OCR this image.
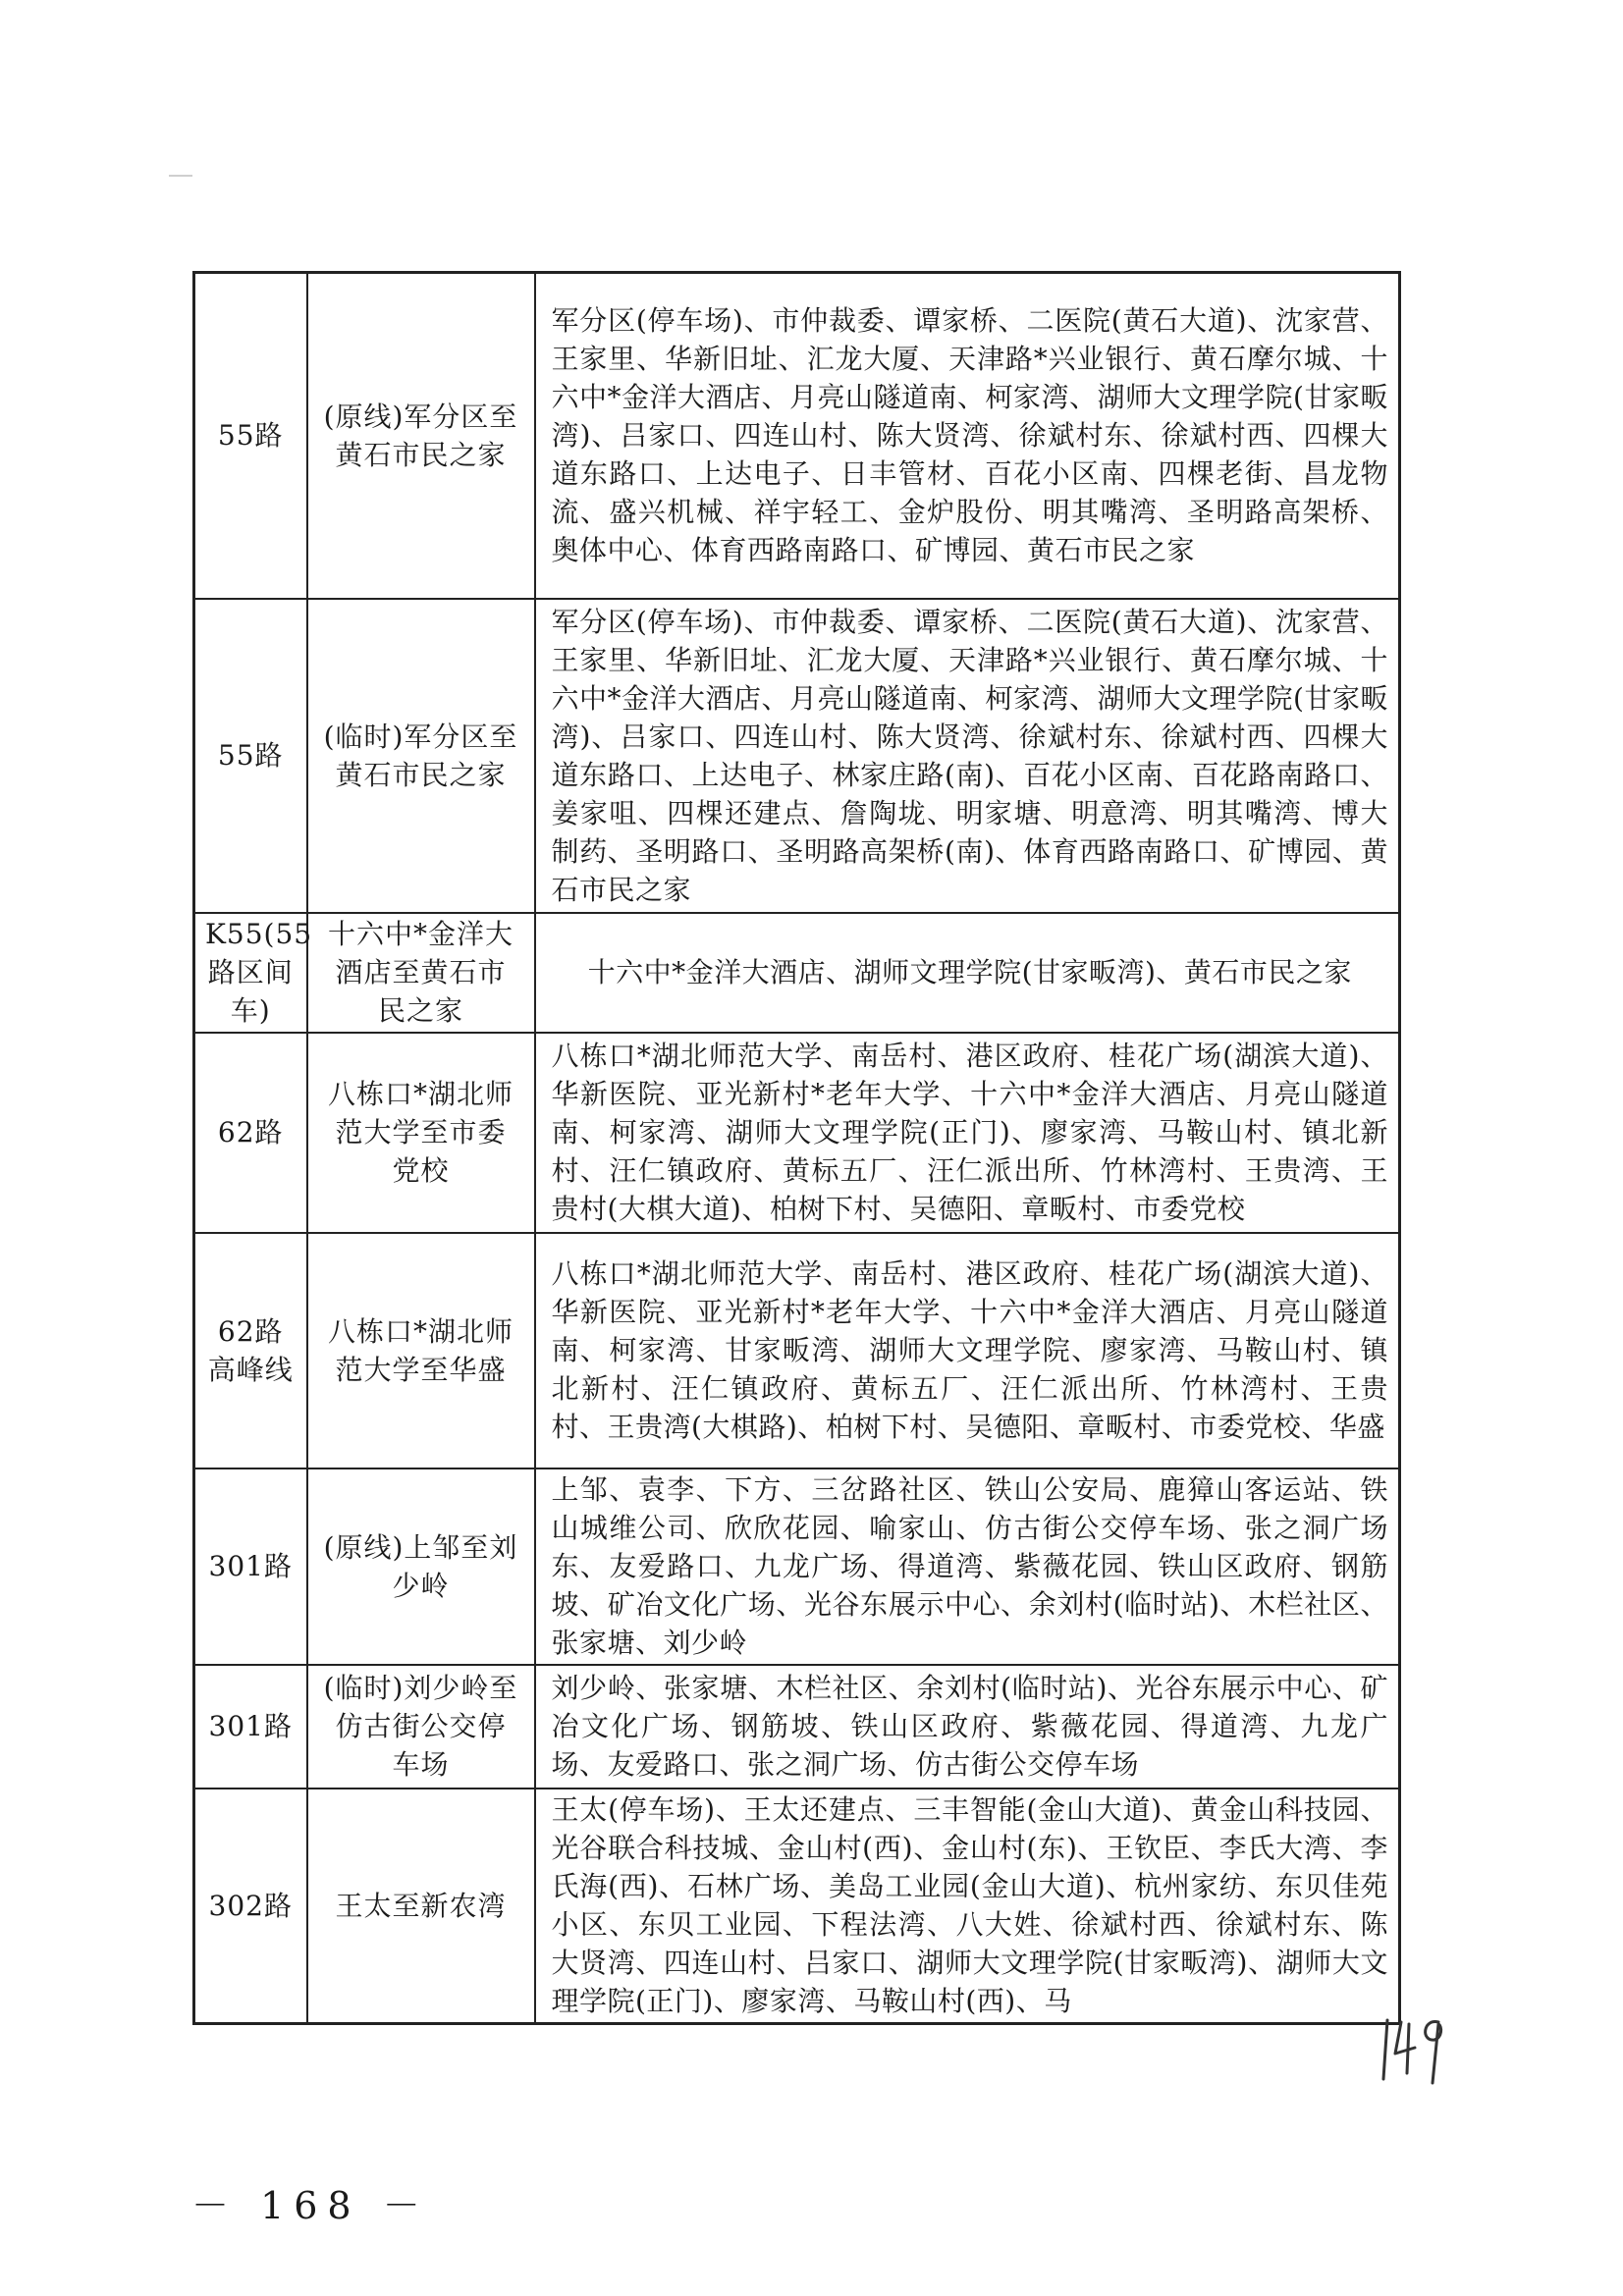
55路	(原线)军分区至黄石市民之家	军分区(停车场)、市仲裁委、谭家桥、二医院(黄石大道)、沈家营、王家里、华新旧址、汇龙大厦、天津路*兴业银行、黄石摩尔城、十六中*金洋大酒店、月亮山隧道南、柯家湾、湖师大文理学院(甘家畈湾)、吕家口、四连山村、陈大贤湾、徐斌村东、徐斌村西、四棵大道东路口、上达电子、日丰管材、百花小区南、四棵老街、昌龙物流、盛兴机械、祥宇轻工、金炉股份、明其嘴湾、圣明路高架桥、奥体中心、体育西路南路口、矿博园、黄石市民之家
55路	(临时)军分区至黄石市民之家	军分区(停车场)、市仲裁委、谭家桥、二医院(黄石大道)、沈家营、王家里、华新旧址、汇龙大厦、天津路*兴业银行、黄石摩尔城、十六中*金洋大酒店、月亮山隧道南、柯家湾、湖师大文理学院(甘家畈湾)、吕家口、四连山村、陈大贤湾、徐斌村东、徐斌村西、四棵大道东路口、上达电子、林家庄路(南)、百花小区南、百花路南路口、姜家咀、四棵还建点、詹陶垅、明家塘、明意湾、明其嘴湾、博大制药、圣明路口、圣明路高架桥(南)、体育西路南路口、矿博园、黄石市民之家
K55(55路区间车)	十六中*金洋大酒店至黄石市民之家	十六中*金洋大酒店、湖师文理学院(甘家畈湾)、黄石市民之家
62路	八栋口*湖北师范大学至市委党校	八栋口*湖北师范大学、南岳村、港区政府、桂花广场(湖滨大道)、华新医院、亚光新村*老年大学、十六中*金洋大酒店、月亮山隧道南、柯家湾、湖师大文理学院(正门)、廖家湾、马鞍山村、镇北新村、汪仁镇政府、黄标五厂、汪仁派出所、竹林湾村、王贵湾、王贵村(大棋大道)、柏树下村、吴德阳、章畈村、市委党校
62路高峰线	八栋口*湖北师范大学至华盛	八栋口*湖北师范大学、南岳村、港区政府、桂花广场(湖滨大道)、华新医院、亚光新村*老年大学、十六中*金洋大酒店、月亮山隧道南、柯家湾、甘家畈湾、湖师大文理学院、廖家湾、马鞍山村、镇北新村、汪仁镇政府、黄标五厂、汪仁派出所、竹林湾村、王贵村、王贵湾(大棋路)、柏树下村、吴德阳、章畈村、市委党校、华盛
301路	(原线)上邹至刘少岭	上邹、袁李、下方、三岔路社区、铁山公安局、鹿獐山客运站、铁山城维公司、欣欣花园、喻家山、仿古街公交停车场、张之洞广场东、友爱路口、九龙广场、得道湾、紫薇花园、铁山区政府、钢筋坡、矿冶文化广场、光谷东展示中心、余刘村(临时站)、木栏社区、张家塘、刘少岭
301路	(临时)刘少岭至仿古街公交停车场	刘少岭、张家塘、木栏社区、余刘村(临时站)、光谷东展示中心、矿冶文化广场、钢筋坡、铁山区政府、紫薇花园、得道湾、九龙广场、友爱路口、张之洞广场、仿古街公交停车场
302路	王太至新农湾	王太(停车场)、王太还建点、三丰智能(金山大道)、黄金山科技园、光谷联合科技城、金山村(西)、金山村(东)、王钦臣、李氏大湾、李氏海(西)、石林广场、美岛工业园(金山大道)、杭州家纺、东贝佳苑小区、东贝工业园、下程法湾、八大姓、徐斌村西、徐斌村东、陈大贤湾、四连山村、吕家口、湖师大文理学院(甘家畈湾)、湖师大文理学院(正门)、廖家湾、马鞍山村(西)、马
－ 168 －
